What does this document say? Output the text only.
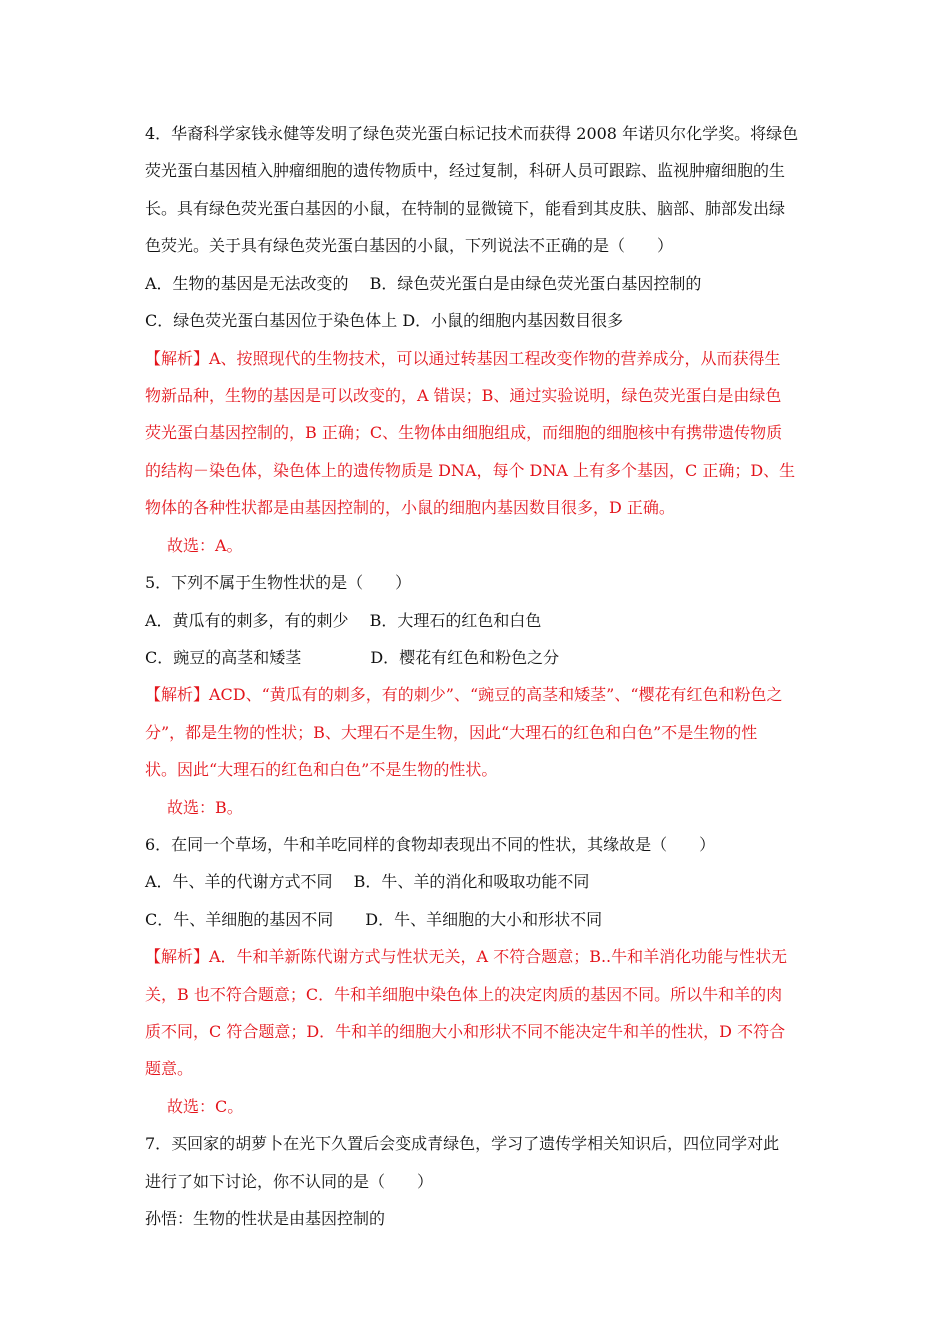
4．华裔科学家钱永健等发明了绿色荧光蛋白标记技术而获得 2008 年诺贝尔化学奖。将绿色
荧光蛋白基因植入肿瘤细胞的遗传物质中，经过复制，科研人员可跟踪、监视肿瘤细胞的生
长。具有绿色荧光蛋白基因的小鼠，在特制的显微镜下，能看到其皮肤、脑部、肺部发出绿
色荧光。关于具有绿色荧光蛋白基因的小鼠，下列说法不正确的是（　　）
A．生物的基因是无法改变的　 B．绿色荧光蛋白是由绿色荧光蛋白基因控制的
C．绿色荧光蛋白基因位于染色体上 D．小鼠的细胞内基因数目很多
【解析】A、按照现代的生物技术，可以通过转基因工程改变作物的营养成分，从而获得生
物新品种，生物的基因是可以改变的，A 错误；B、通过实验说明，绿色荧光蛋白是由绿色
荧光蛋白基因控制的，B 正确；C、生物体由细胞组成，而细胞的细胞核中有携带遗传物质
的结构－染色体，染色体上的遗传物质是 DNA，每个 DNA 上有多个基因，C 正确；D、生
物体的各种性状都是由基因控制的，小鼠的细胞内基因数目很多，D 正确。
故选：A。
5．下列不属于生物性状的是（　　）
A．黄瓜有的刺多，有的刺少　 B．大理石的红色和白色
C．豌豆的高茎和矮茎　　　　 D．樱花有红色和粉色之分
【解析】ACD、“黄瓜有的刺多，有的刺少”、“豌豆的高茎和矮茎”、“樱花有红色和粉色之
分”，都是生物的性状；B、大理石不是生物，因此“大理石的红色和白色”不是生物的性
状。因此“大理石的红色和白色”不是生物的性状。
故选：B。
6．在同一个草场，牛和羊吃同样的食物却表现出不同的性状，其缘故是（　　）
A．牛、羊的代谢方式不同　 B．牛、羊的消化和吸取功能不同
C．牛、羊细胞的基因不同　　D．牛、羊细胞的大小和形状不同
【解析】A．牛和羊新陈代谢方式与性状无关，A 不符合题意；B..牛和羊消化功能与性状无
关，B 也不符合题意；C．牛和羊细胞中染色体上的决定肉质的基因不同。所以牛和羊的肉
质不同，C 符合题意；D．牛和羊的细胞大小和形状不同不能决定牛和羊的性状，D 不符合
题意。
故选：C。
7．买回家的胡萝卜在光下久置后会变成青绿色，学习了遗传学相关知识后，四位同学对此
进行了如下讨论，你不认同的是（　　）
孙悟：生物的性状是由基因控制的
